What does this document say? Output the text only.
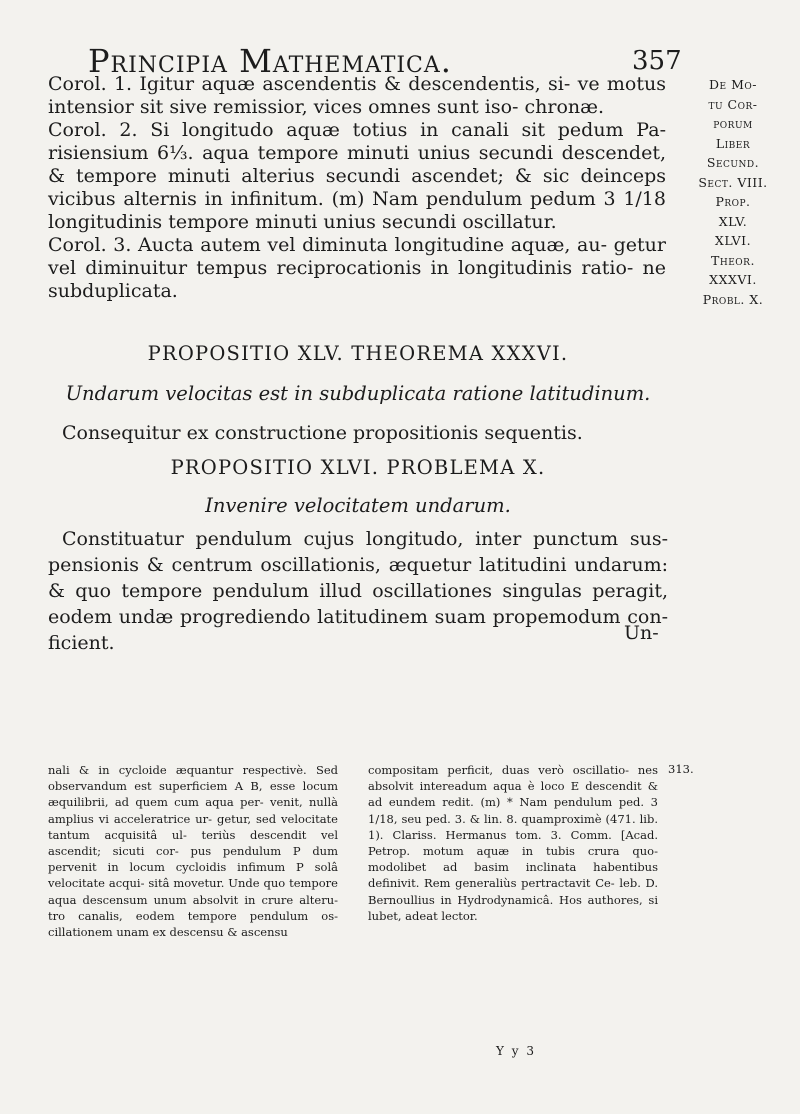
Principia Mathematica.	357
De Mo-
tu Cor-
porum
Liber
Secund.
Sect. VIII.
Prop.
XLV.
XLVI.
Theor.
XXXVI.
Probl. X.

Corol. 1. Igitur aquæ ascendentis & descendentis, si- ve motus intensior sit sive remissior, vices omnes sunt iso- chronæ.

Corol. 2. Si longitudo aquæ totius in canali sit pedum Pa- risiensium 6⅓. aqua tempore minuti unius secundi descendet, & tempore minuti alterius secundi ascendet; & sic deinceps vicibus alternis in infinitum. (m) Nam pendulum pedum 3 1/18 longitudinis tempore minuti unius secundi oscillatur.

Corol. 3. Aucta autem vel diminuta longitudine aquæ, au- getur vel diminuitur tempus reciprocationis in longitudinis ratio- ne subduplicata.

PROPOSITIO XLV. THEOREMA XXXVI.
Undarum velocitas est in subduplicata ratione latitudinum.

Consequitur ex constructione propositionis sequentis.

PROPOSITIO XLVI. PROBLEMA X.
Invenire velocitatem undarum.

Constituatur pendulum cujus longitudo, inter punctum sus- pensionis & centrum oscillationis, æquetur latitudini undarum: & quo tempore pendulum illud oscillationes singulas peragit, eodem undæ progrediendo latitudinem suam propemodum con- ficient.	Un-

nali & in cycloide æquantur respectivè. Sed observandum est superficiem A B, esse locum æquilibrii, ad quem cum aqua per- venit, nullà amplius vi acceleratrice ur- getur, sed velocitate tantum acquisitâ ul- teriùs descendit vel ascendit; sicuti cor- pus pendulum P dum pervenit in locum cycloidis infimum P solâ velocitate acqui- sitâ movetur. Unde quo tempore aqua descensum unum absolvit in crure alteru- tro canalis, eodem tempore pendulum os- cillationem unam ex descensu & ascensu

compositam perficit, duas verò oscillatio- nes absolvit intereadum aqua è loco E descendit & ad eundem redit. (m) * Nam pendulum ped. 3 1/18, seu ped. 3. & lin. 8. quamproximè (471. lib. 1). Clariss. Hermanus tom. 3. Comm. [Acad. Petrop. motum aquæ in tubis crura quo- modolibet ad basim inclinata habentibus definivit. Rem generaliùs pertractavit Ce- leb. D. Bernoullius in Hydrodynamicâ. Hos authores, si lubet, adeat lector.

313.
Y y 3
